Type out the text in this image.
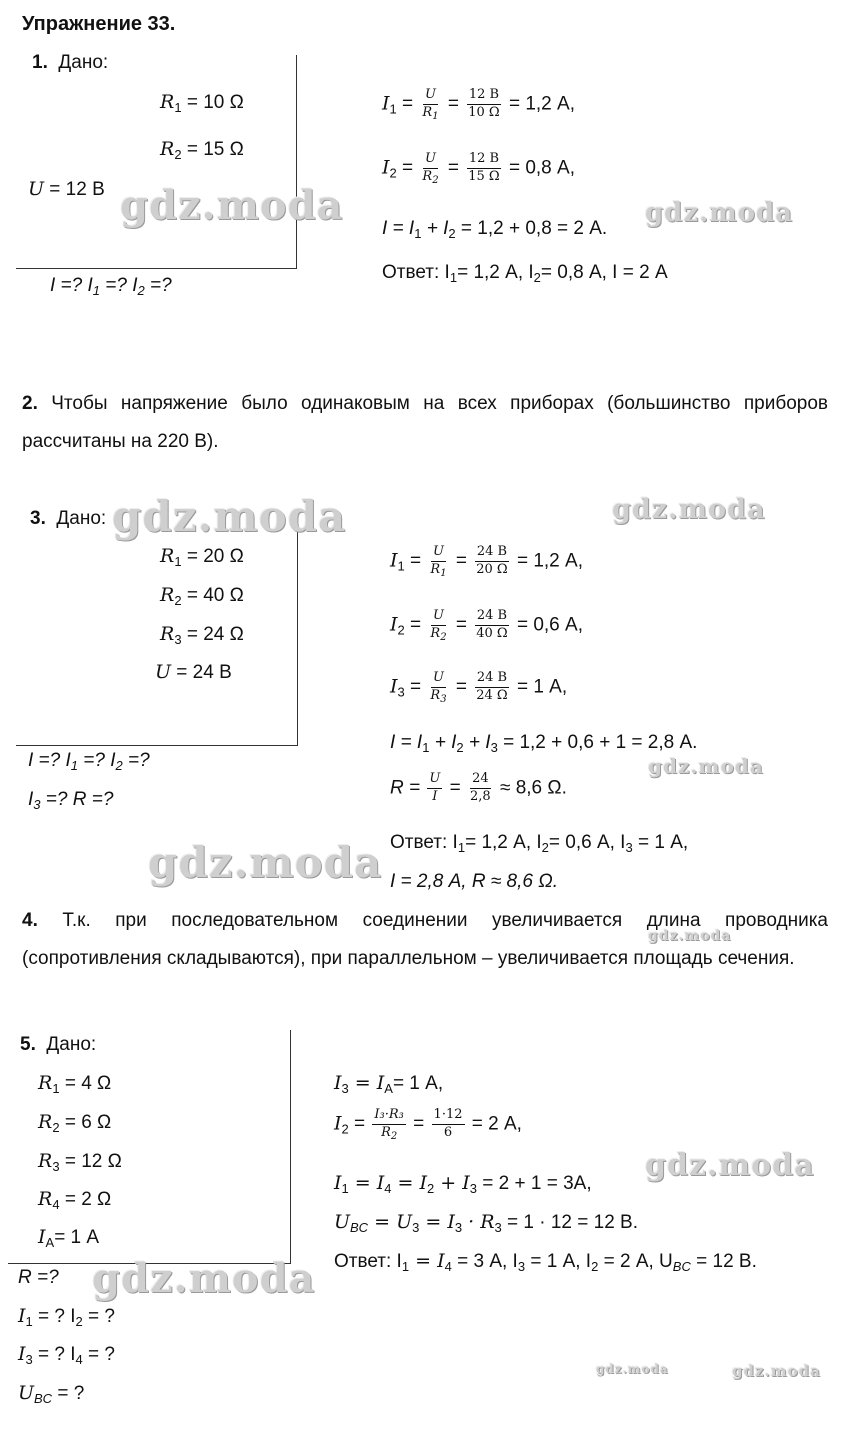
Упражнение 33.
1. Дано:
$R_1 = 10$ Ω
$R_2 = 15$ Ω
U = 12 В
I =? $I_1$ =? $I_2$ =?
$I_1 = \frac{U}{R_1} = \frac{12 В}{10 \Omega} = 1,2$ А,
$I_2 = \frac{U}{R_2} = \frac{12 В}{15 \Omega} = 0,8$ А,
$I = I_1 + I_2 = 1,2 + 0,8 = 2$ А.
Ответ: $I_1= 1,2$ А, $I_2= 0,8$ А, I = 2 А
2. Чтобы напряжение было одинаковым на всех приборах (большинство приборов рассчитаны на 220 В).
3. Дано:
$R_1 = 20$ Ω
$R_2 = 40$ Ω
$R_3 = 24$ Ω
U = 24 В
I =? $I_1$ =? $I_2$ =?
$I_3$ =? R =?
$I_1 = \frac{U}{R_1} = \frac{24 В}{20 \Omega} = 1,2$ А,
$I_2 = \frac{U}{R_2} = \frac{24 В}{40 \Omega} = 0,6$ А,
$I_3 = \frac{U}{R_3} = \frac{24 В}{24 \Omega} = 1$ А,
$I = I_1 + I_2 + I_3 = 1,2 + 0,6 + 1 = 2,8$ А.
$R = \frac{U}{I} = \frac{24}{2,8} \approx 8,6$ Ω.
Ответ: $I_1= 1,2$ А, $I_2= 0,6$ А, $I_3 = 1$ А,
I = 2,8 А, R ≈ 8,6 Ω.
4. Т.к. при последовательном соединении увеличивается длина проводника (сопротивления складываются), при параллельном – увеличивается площадь сечения.
5. Дано:
$R_1 = 4$ Ω
$R_2 = 6$ Ω
$R_3 = 12$ Ω
$R_4 = 2$ Ω
$I_A= 1$ А
R =?
$I_1$ = ? $I_2$ = ?
$I_3$ = ? $I_4$ = ?
$U_{BC}$ = ?
$I_3 = I_A= 1$ А,
$I_2 = \frac{\text{I₃·R₃}}{R_2} = \frac{1\cdot 12}{6} = 2$ А,
$I_1 = I_4 = I_2 + I_3 = 2 + 1 = 3А$,
$U_{BC} = U_3 = I_3 \cdot R_3 = 1 \cdot 12 = 12$ В.
Ответ: $I_1 = I_4 = 3$ А, $I_3 = 1$ А, $I_2 = 2$ А, $U_{BC} = 12$ В.
gdz.moda	gdz.moda
gdz.moda	gdz.moda
gdz.moda
gdz.moda
gdz.moda
gdz.moda
gdz.moda
gdz.moda	gdz.moda
